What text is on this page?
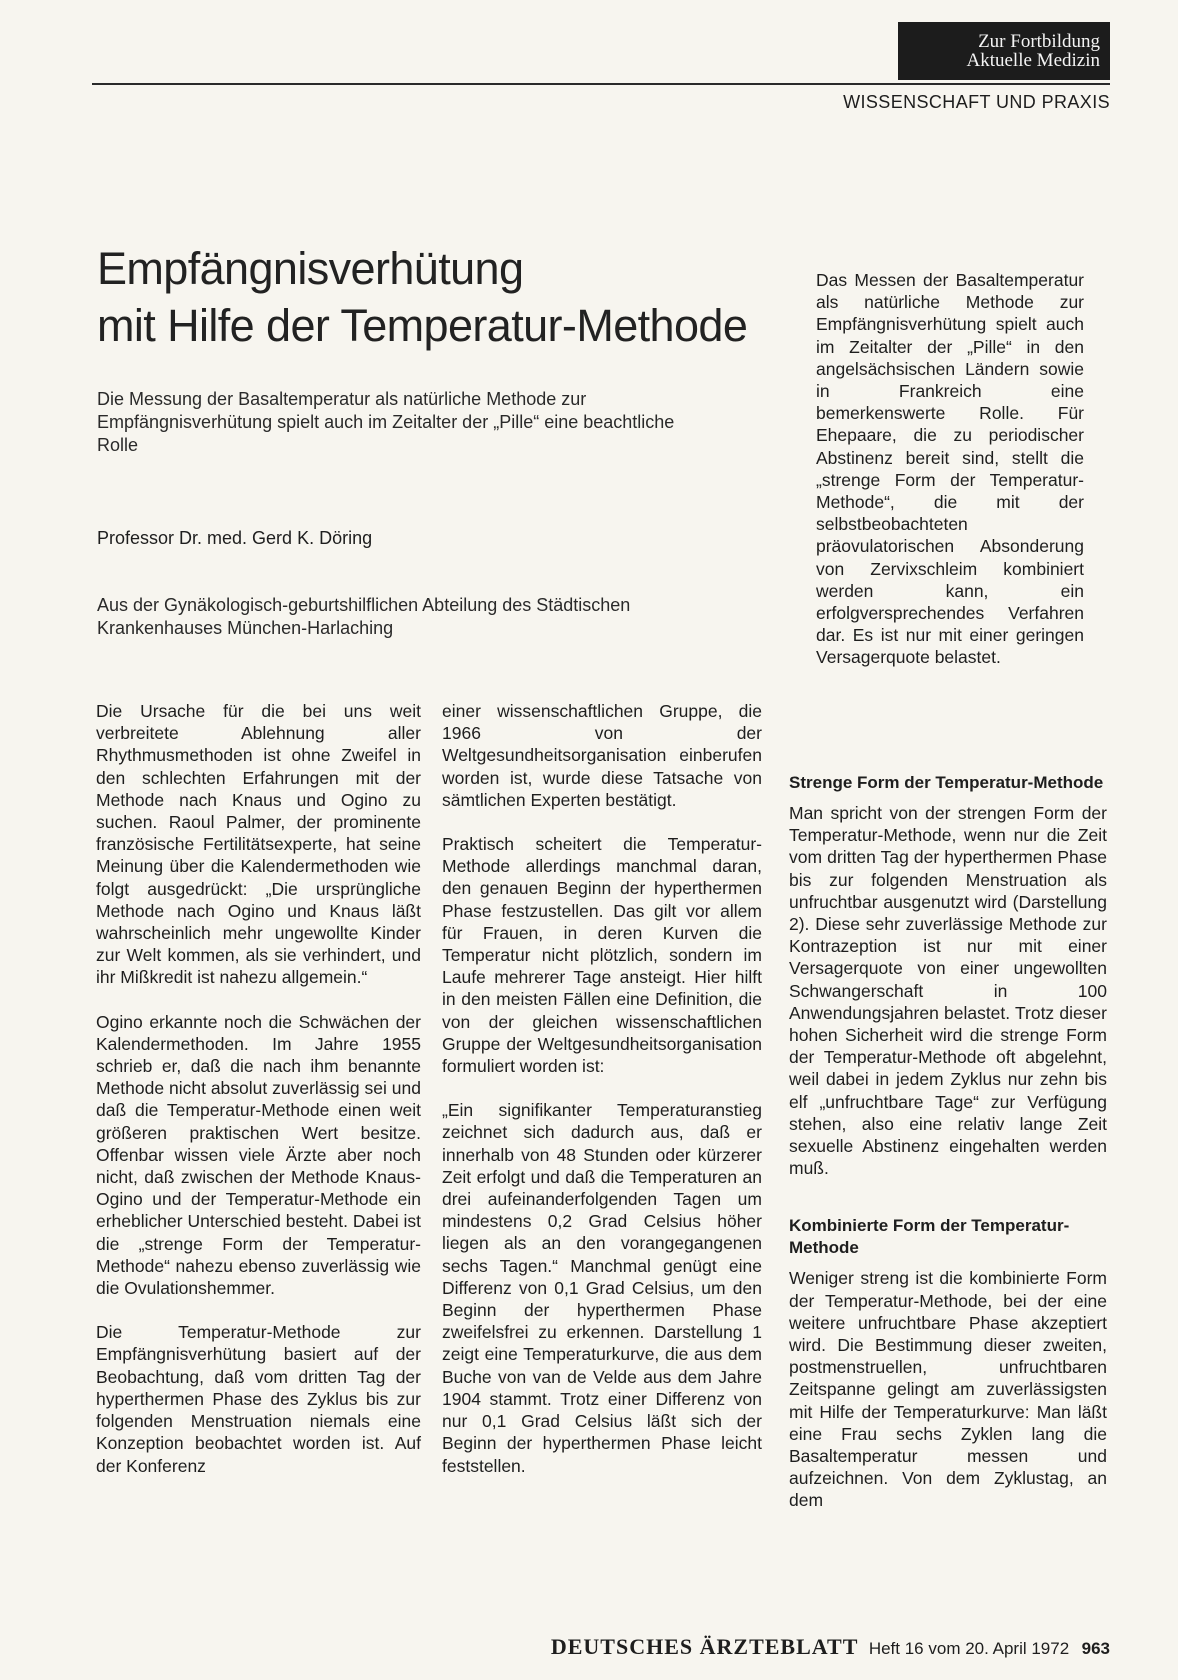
Zur Fortbildung
Aktuelle Medizin
WISSENSCHAFT UND PRAXIS
Empfängnisverhütung
mit Hilfe der Temperatur-Methode
Die Messung der Basaltemperatur als natürliche Methode zur Empfängnisverhütung spielt auch im Zeitalter der „Pille“ eine beachtliche Rolle
Professor Dr. med. Gerd K. Döring
Aus der Gynäkologisch-geburtshilflichen Abteilung des Städtischen Krankenhauses München-Harlaching

Das Messen der Basaltemperatur als natürliche Methode zur Empfängnisverhütung spielt auch im Zeitalter der „Pille“ in den angelsächsischen Ländern sowie in Frankreich eine bemerkenswerte Rolle. Für Ehepaare, die zu periodischer Abstinenz bereit sind, stellt die „strenge Form der Temperatur-Methode“, die mit der selbstbeobachteten präovulatorischen Absonderung von Zervixschleim kombiniert werden kann, ein erfolgversprechendes Verfahren dar. Es ist nur mit einer geringen Versagerquote belastet.

Die Ursache für die bei uns weit verbreitete Ablehnung aller Rhythmusmethoden ist ohne Zweifel in den schlechten Erfahrungen mit der Methode nach Knaus und Ogino zu suchen. Raoul Palmer, der prominente französische Fertilitätsexperte, hat seine Meinung über die Kalendermethoden wie folgt ausgedrückt: „Die ursprüngliche Methode nach Ogino und Knaus läßt wahrscheinlich mehr ungewollte Kinder zur Welt kommen, als sie verhindert, und ihr Mißkredit ist nahezu allgemein.“

Ogino erkannte noch die Schwächen der Kalendermethoden. Im Jahre 1955 schrieb er, daß die nach ihm benannte Methode nicht absolut zuverlässig sei und daß die Temperatur-Methode einen weit größeren praktischen Wert besitze. Offenbar wissen viele Ärzte aber noch nicht, daß zwischen der Methode Knaus-Ogino und der Temperatur-Methode ein erheblicher Unterschied besteht. Dabei ist die „strenge Form der Temperatur-Methode“ nahezu ebenso zuverlässig wie die Ovulationshemmer.

Die Temperatur-Methode zur Empfängnisverhütung basiert auf der Beobachtung, daß vom dritten Tag der hyperthermen Phase des Zyklus bis zur folgenden Menstruation niemals eine Konzeption beobachtet worden ist. Auf der Konferenz

einer wissenschaftlichen Gruppe, die 1966 von der Weltgesundheitsorganisation einberufen worden ist, wurde diese Tatsache von sämtlichen Experten bestätigt.

Praktisch scheitert die Temperatur-Methode allerdings manchmal daran, den genauen Beginn der hyperthermen Phase festzustellen. Das gilt vor allem für Frauen, in deren Kurven die Temperatur nicht plötzlich, sondern im Laufe mehrerer Tage ansteigt. Hier hilft in den meisten Fällen eine Definition, die von der gleichen wissenschaftlichen Gruppe der Weltgesundheitsorganisation formuliert worden ist:

„Ein signifikanter Temperaturanstieg zeichnet sich dadurch aus, daß er innerhalb von 48 Stunden oder kürzerer Zeit erfolgt und daß die Temperaturen an drei aufeinanderfolgenden Tagen um mindestens 0,2 Grad Celsius höher liegen als an den vorangegangenen sechs Tagen.“ Manchmal genügt eine Differenz von 0,1 Grad Celsius, um den Beginn der hyperthermen Phase zweifelsfrei zu erkennen. Darstellung 1 zeigt eine Temperaturkurve, die aus dem Buche von van de Velde aus dem Jahre 1904 stammt. Trotz einer Differenz von nur 0,1 Grad Celsius läßt sich der Beginn der hyperthermen Phase leicht feststellen.

Strenge Form der Temperatur-Methode

Man spricht von der strengen Form der Temperatur-Methode, wenn nur die Zeit vom dritten Tag der hyperthermen Phase bis zur folgenden Menstruation als unfruchtbar ausgenutzt wird (Darstellung 2). Diese sehr zuverlässige Methode zur Kontrazeption ist nur mit einer Versagerquote von einer ungewollten Schwangerschaft in 100 Anwendungsjahren belastet. Trotz dieser hohen Sicherheit wird die strenge Form der Temperatur-Methode oft abgelehnt, weil dabei in jedem Zyklus nur zehn bis elf „unfruchtbare Tage“ zur Verfügung stehen, also eine relativ lange Zeit sexuelle Abstinenz eingehalten werden muß.

Kombinierte Form der Temperatur-Methode

Weniger streng ist die kombinierte Form der Temperatur-Methode, bei der eine weitere unfruchtbare Phase akzeptiert wird. Die Bestimmung dieser zweiten, postmenstruellen, unfruchtbaren Zeitspanne gelingt am zuverlässigsten mit Hilfe der Temperaturkurve: Man läßt eine Frau sechs Zyklen lang die Basaltemperatur messen und aufzeichnen. Von dem Zyklustag, an dem

DEUTSCHES ÄRZTEBLATT Heft 16 vom 20. April 1972 963
